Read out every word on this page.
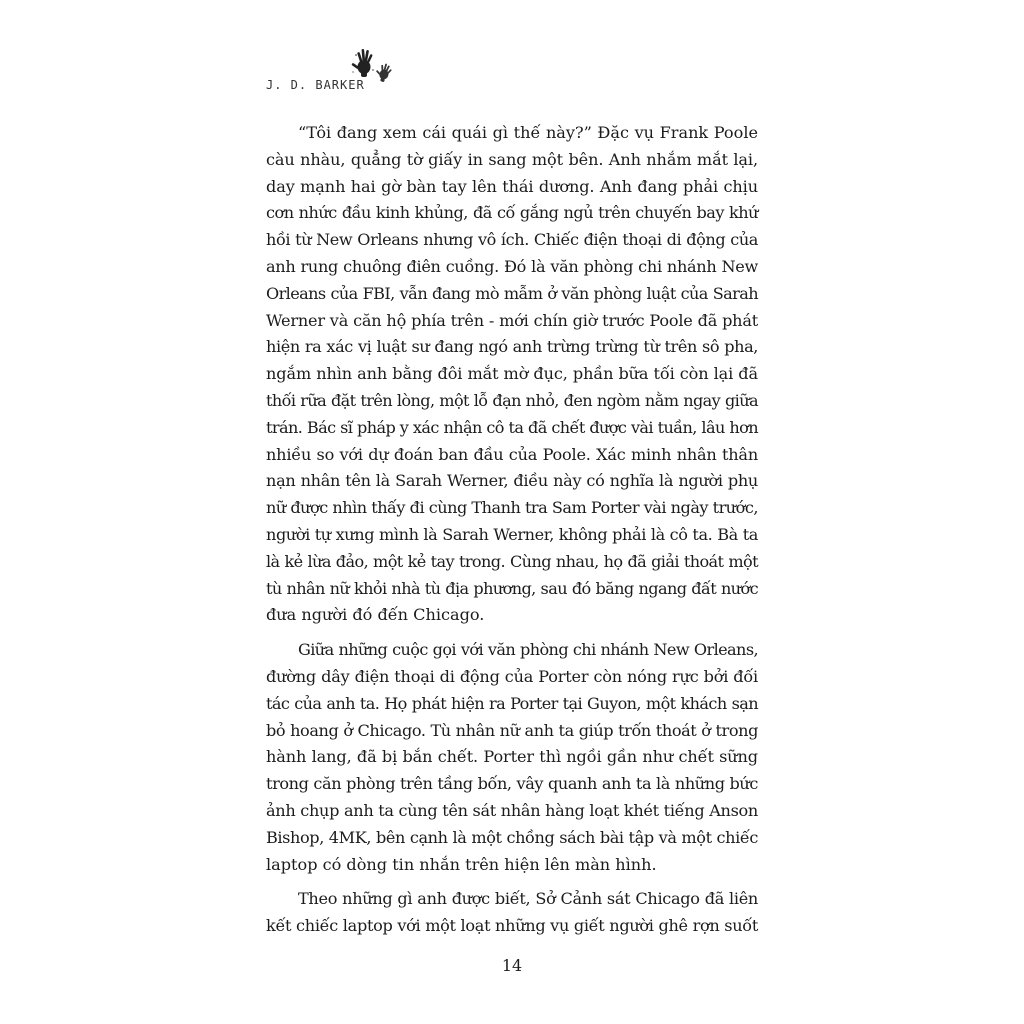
J. D. BARKER
“Tôi đang xem cái quái gì thế này?” Đặc vụ Frank Poole
càu nhàu, quẳng tờ giấy in sang một bên. Anh nhắm mắt lại,
day mạnh hai gờ bàn tay lên thái dương. Anh đang phải chịu
cơn nhức đầu kinh khủng, đã cố gắng ngủ trên chuyến bay khứ
hồi từ New Orleans nhưng vô ích. Chiếc điện thoại di động của
anh rung chuông điên cuồng. Đó là văn phòng chi nhánh New
Orleans của FBI, vẫn đang mò mẫm ở văn phòng luật của Sarah
Werner và căn hộ phía trên - mới chín giờ trước Poole đã phát
hiện ra xác vị luật sư đang ngó anh trừng trừng từ trên sô pha,
ngắm nhìn anh bằng đôi mắt mờ đục, phần bữa tối còn lại đã
thối rữa đặt trên lòng, một lỗ đạn nhỏ, đen ngòm nằm ngay giữa
trán. Bác sĩ pháp y xác nhận cô ta đã chết được vài tuần, lâu hơn
nhiều so với dự đoán ban đầu của Poole. Xác minh nhân thân
nạn nhân tên là Sarah Werner, điều này có nghĩa là người phụ
nữ được nhìn thấy đi cùng Thanh tra Sam Porter vài ngày trước,
người tự xưng mình là Sarah Werner, không phải là cô ta. Bà ta
là kẻ lừa đảo, một kẻ tay trong. Cùng nhau, họ đã giải thoát một
tù nhân nữ khỏi nhà tù địa phương, sau đó băng ngang đất nước
đưa người đó đến Chicago.
Giữa những cuộc gọi với văn phòng chi nhánh New Orleans,
đường dây điện thoại di động của Porter còn nóng rực bởi đối
tác của anh ta. Họ phát hiện ra Porter tại Guyon, một khách sạn
bỏ hoang ở Chicago. Tù nhân nữ anh ta giúp trốn thoát ở trong
hành lang, đã bị bắn chết. Porter thì ngồi gần như chết sững
trong căn phòng trên tầng bốn, vây quanh anh ta là những bức
ảnh chụp anh ta cùng tên sát nhân hàng loạt khét tiếng Anson
Bishop, 4MK, bên cạnh là một chồng sách bài tập và một chiếc
laptop có dòng tin nhắn trên hiện lên màn hình.
Theo những gì anh được biết, Sở Cảnh sát Chicago đã liên
kết chiếc laptop với một loạt những vụ giết người ghê rợn suốt
14
